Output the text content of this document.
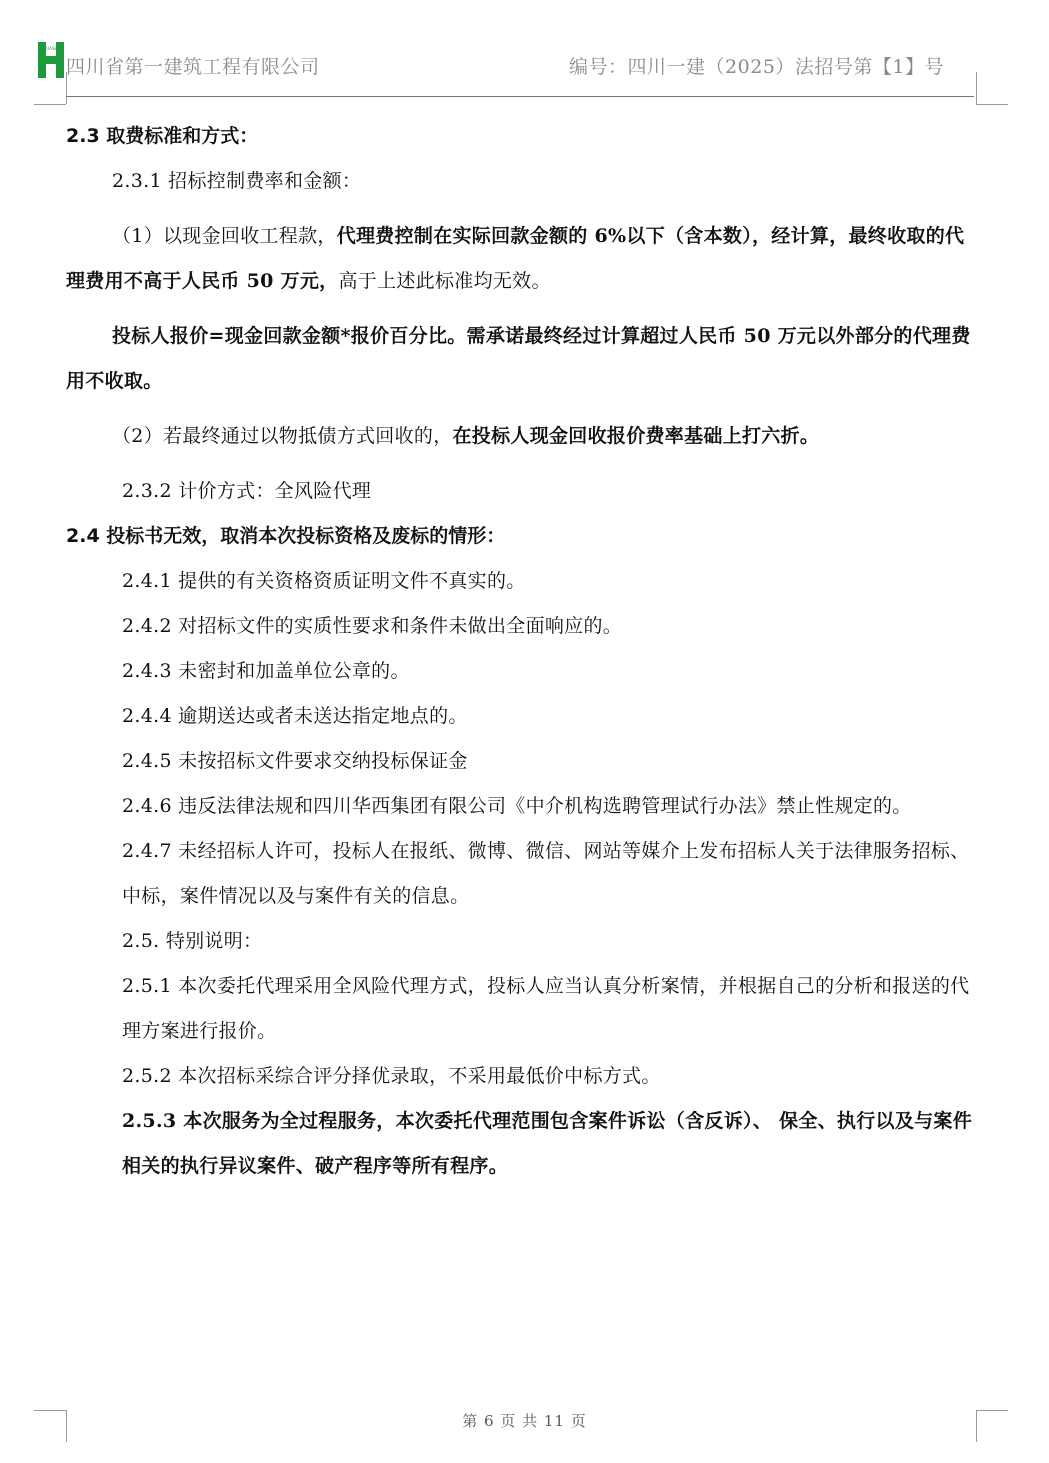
HUASHI
四川省第一建筑工程有限公司	编号：四川一建（2025）法招号第【1】号

2.3 取费标准和方式：

2.3.1 招标控制费率和金额：

（1）以现金回收工程款，代理费控制在实际回款金额的 6%以下（含本数），经计算，最终收取的代理费用不高于人民币 50 万元，高于上述此标准均无效。

投标人报价=现金回款金额*报价百分比。需承诺最终经过计算超过人民币 50 万元以外部分的代理费用不收取。

（2）若最终通过以物抵债方式回收的，在投标人现金回收报价费率基础上打六折。

2.3.2 计价方式：全风险代理

2.4 投标书无效，取消本次投标资格及废标的情形：

2.4.1 提供的有关资格资质证明文件不真实的。

2.4.2 对招标文件的实质性要求和条件未做出全面响应的。

2.4.3 未密封和加盖单位公章的。

2.4.4 逾期送达或者未送达指定地点的。

2.4.5 未按招标文件要求交纳投标保证金

2.4.6 违反法律法规和四川华西集团有限公司《中介机构选聘管理试行办法》禁止性规定的。

2.4.7 未经招标人许可，投标人在报纸、微博、微信、网站等媒介上发布招标人关于法律服务招标、中标，案件情况以及与案件有关的信息。

2.5. 特别说明：

2.5.1 本次委托代理采用全风险代理方式，投标人应当认真分析案情，并根据自己的分析和报送的代理方案进行报价。

2.5.2 本次招标采综合评分择优录取，不采用最低价中标方式。

2.5.3 本次服务为全过程服务，本次委托代理范围包含案件诉讼（含反诉）、 保全、执行以及与案件相关的执行异议案件、破产程序等所有程序。

第 6 页 共 11 页
